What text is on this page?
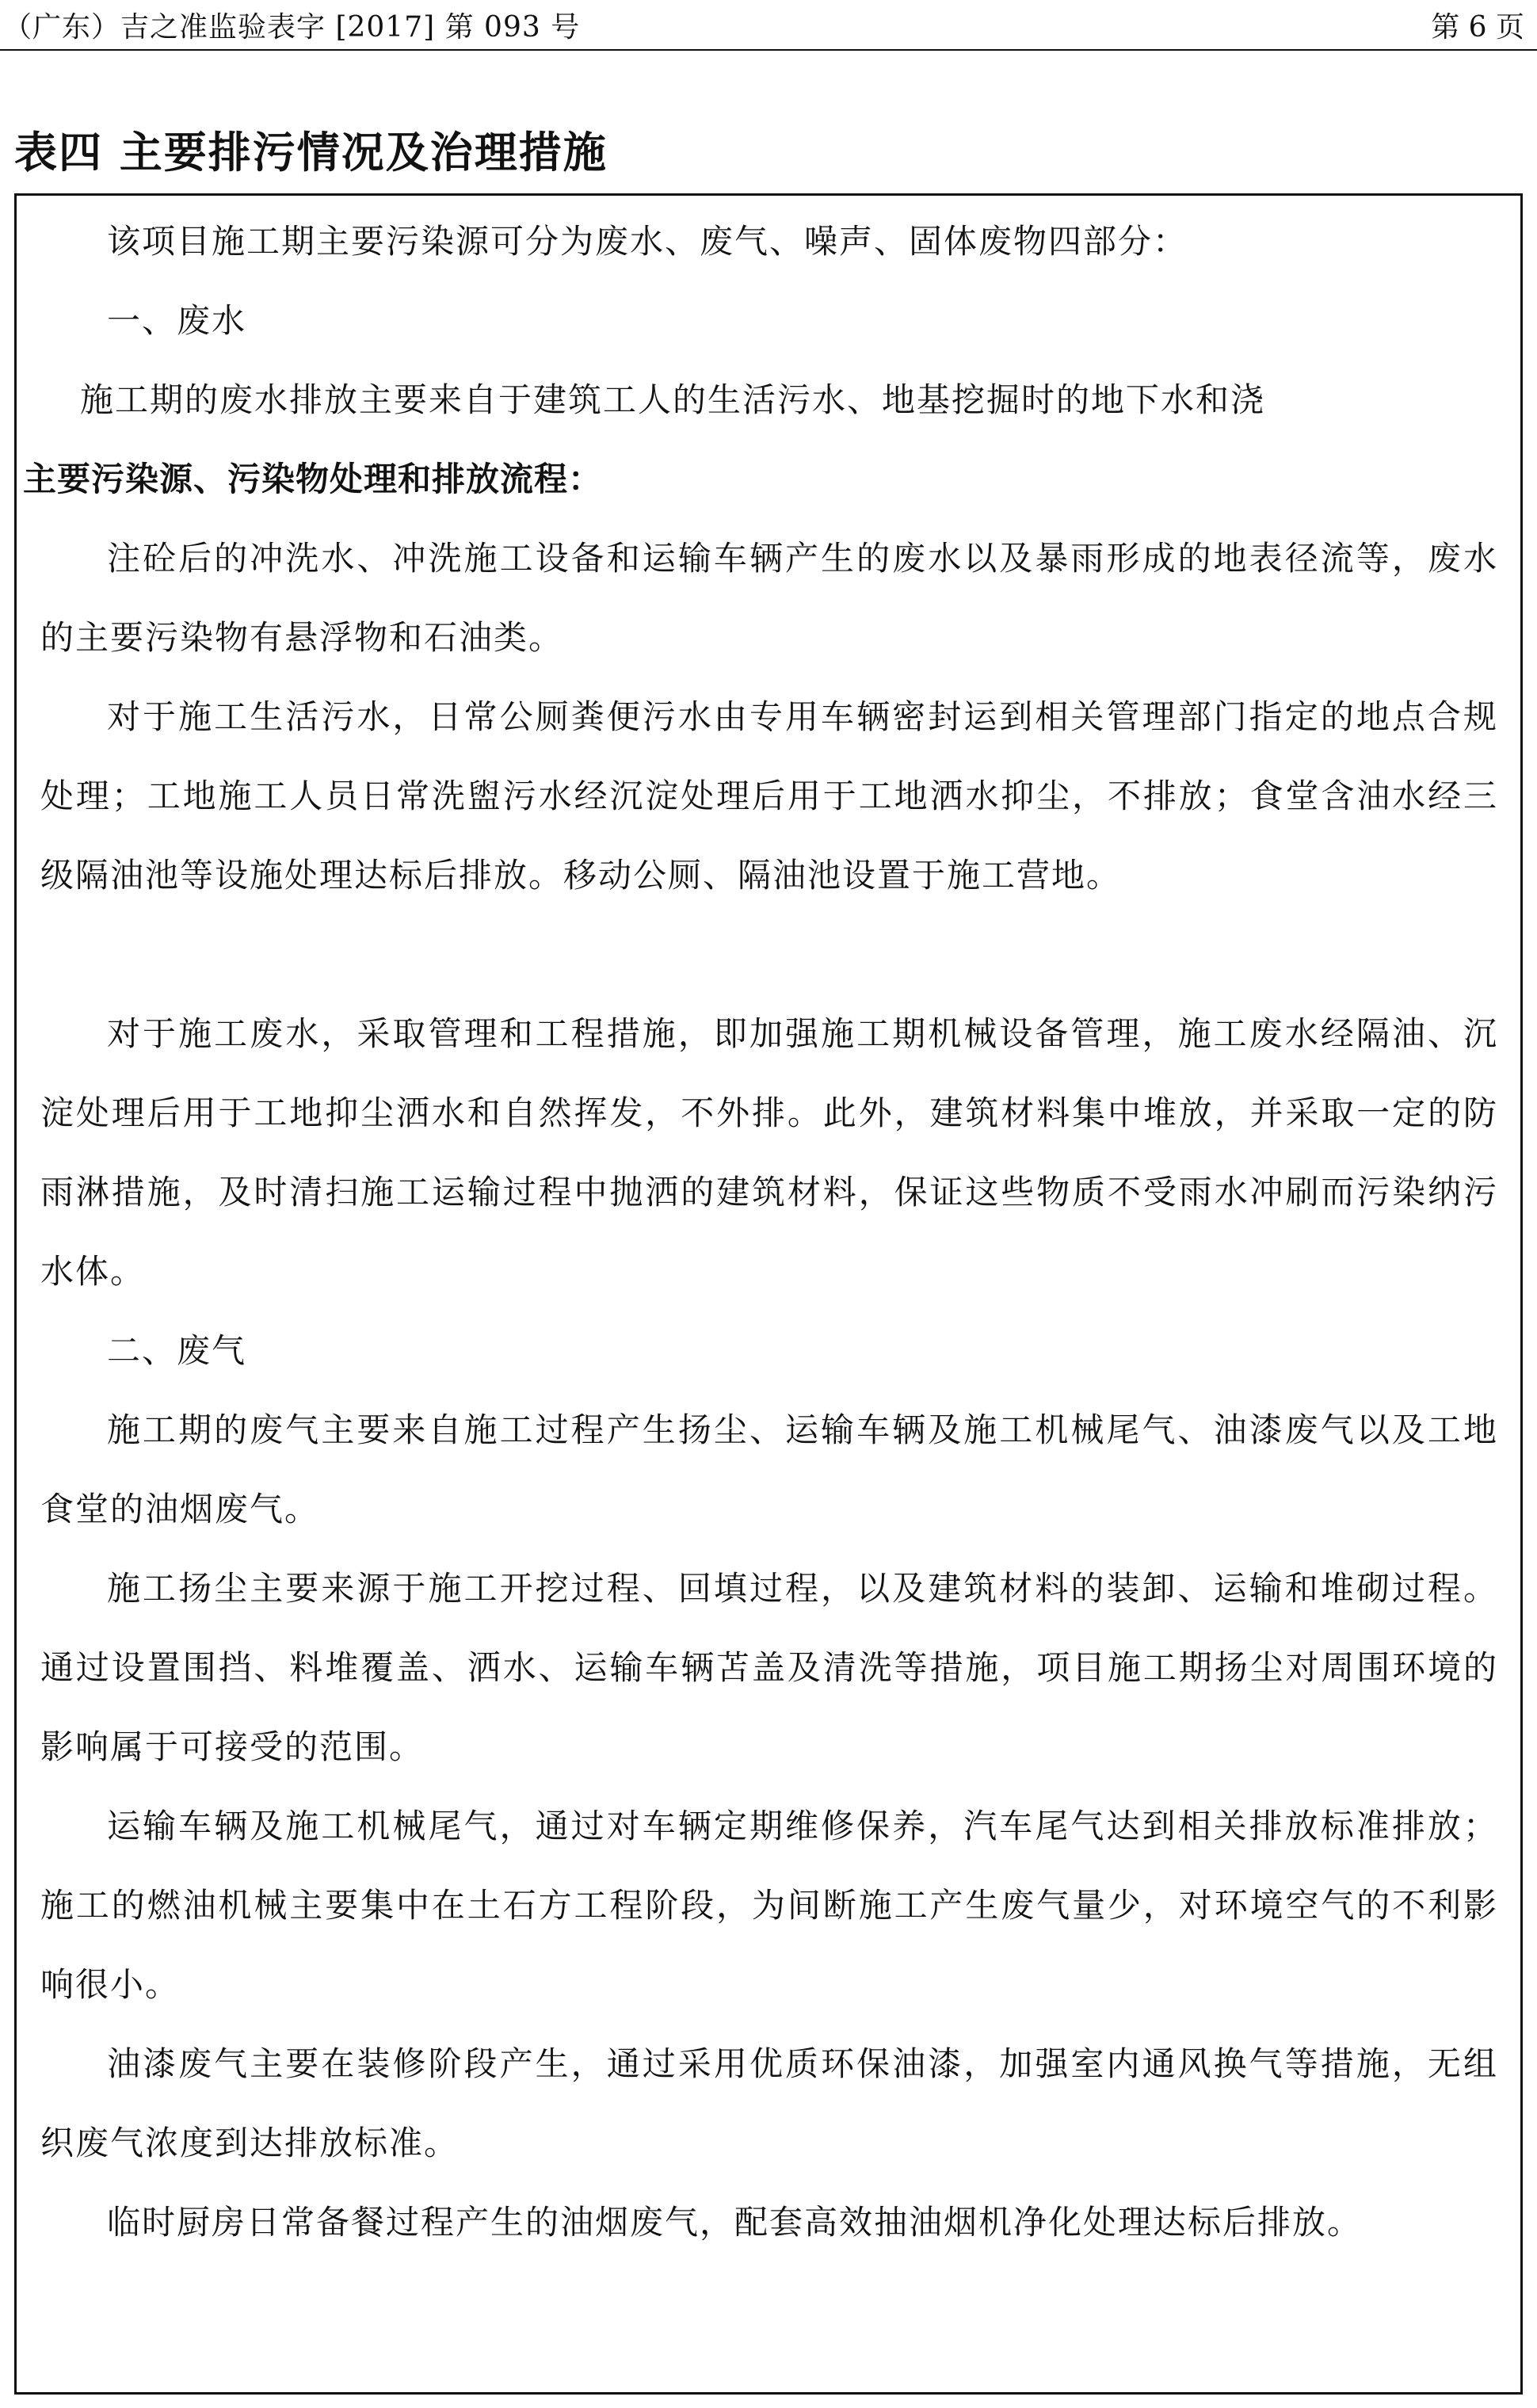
（广东）吉之准监验表字 [2017] 第 093 号	第 6 页
表四 主要排污情况及治理措施

该项目施工期主要污染源可分为废水、废气、噪声、固体废物四部分：

一、废水

施工期的废水排放主要来自于建筑工人的生活污水、地基挖掘时的地下水和浇

主要污染源、污染物处理和排放流程：

注砼后的冲洗水、冲洗施工设备和运输车辆产生的废水以及暴雨形成的地表径流等，废水的主要污染物有悬浮物和石油类。

对于施工生活污水，日常公厕粪便污水由专用车辆密封运到相关管理部门指定的地点合规处理；工地施工人员日常洗盥污水经沉淀处理后用于工地洒水抑尘，不排放；食堂含油水经三级隔油池等设施处理达标后排放。移动公厕、隔油池设置于施工营地。

对于施工废水，采取管理和工程措施，即加强施工期机械设备管理，施工废水经隔油、沉淀处理后用于工地抑尘洒水和自然挥发，不外排。此外，建筑材料集中堆放，并采取一定的防雨淋措施，及时清扫施工运输过程中抛洒的建筑材料，保证这些物质不受雨水冲刷而污染纳污水体。

二、废气

施工期的废气主要来自施工过程产生扬尘、运输车辆及施工机械尾气、油漆废气以及工地食堂的油烟废气。

施工扬尘主要来源于施工开挖过程、回填过程，以及建筑材料的装卸、运输和堆砌过程。通过设置围挡、料堆覆盖、洒水、运输车辆苫盖及清洗等措施，项目施工期扬尘对周围环境的影响属于可接受的范围。

运输车辆及施工机械尾气，通过对车辆定期维修保养，汽车尾气达到相关排放标准排放；施工的燃油机械主要集中在土石方工程阶段，为间断施工产生废气量少，对环境空气的不利影响很小。

油漆废气主要在装修阶段产生，通过采用优质环保油漆，加强室内通风换气等措施，无组织废气浓度到达排放标准。

临时厨房日常备餐过程产生的油烟废气，配套高效抽油烟机净化处理达标后排放。
